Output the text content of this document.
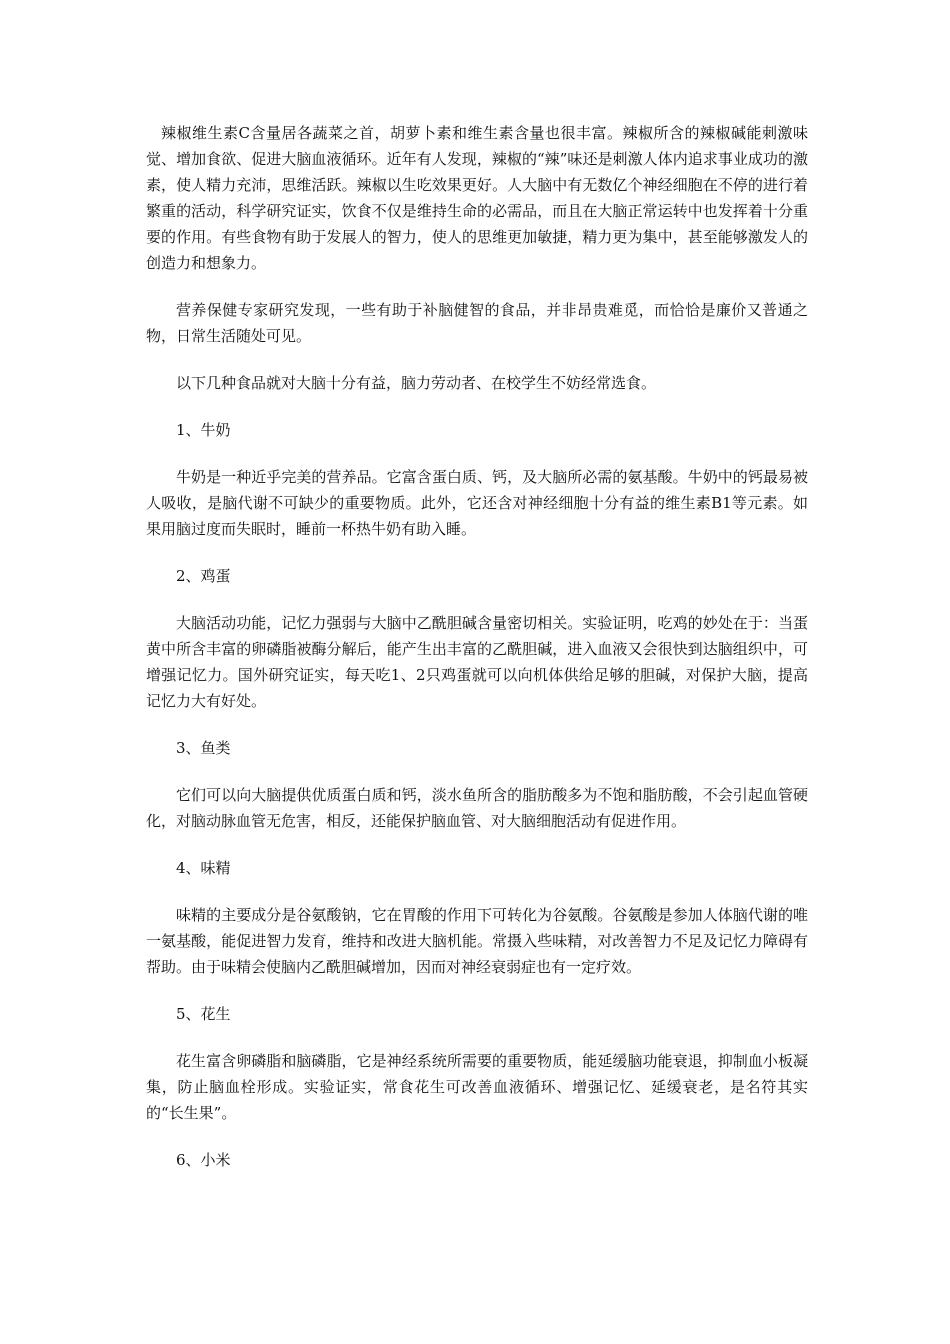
辣椒维生素C含量居各蔬菜之首，胡萝卜素和维生素含量也很丰富。辣椒所含的辣椒碱能刺激味觉、增加食欲、促进大脑血液循环。近年有人发现，辣椒的“辣”味还是刺激人体内追求事业成功的激素，使人精力充沛，思维活跃。辣椒以生吃效果更好。人大脑中有无数亿个神经细胞在不停的进行着繁重的活动，科学研究证实，饮食不仅是维持生命的必需品，而且在大脑正常运转中也发挥着十分重要的作用。有些食物有助于发展人的智力，使人的思维更加敏捷，精力更为集中，甚至能够激发人的创造力和想象力。

营养保健专家研究发现，一些有助于补脑健智的食品，并非昂贵难觅，而恰恰是廉价又普通之物，日常生活随处可见。

以下几种食品就对大脑十分有益，脑力劳动者、在校学生不妨经常选食。

1、牛奶

牛奶是一种近乎完美的营养品。它富含蛋白质、钙，及大脑所必需的氨基酸。牛奶中的钙最易被人吸收，是脑代谢不可缺少的重要物质。此外，它还含对神经细胞十分有益的维生素B1等元素。如果用脑过度而失眠时，睡前一杯热牛奶有助入睡。

2、鸡蛋

大脑活动功能，记忆力强弱与大脑中乙酰胆碱含量密切相关。实验证明，吃鸡的妙处在于：当蛋黄中所含丰富的卵磷脂被酶分解后，能产生出丰富的乙酰胆碱，进入血液又会很快到达脑组织中，可增强记忆力。国外研究证实，每天吃1、2只鸡蛋就可以向机体供给足够的胆碱，对保护大脑，提高记忆力大有好处。

3、鱼类

它们可以向大脑提供优质蛋白质和钙，淡水鱼所含的脂肪酸多为不饱和脂肪酸，不会引起血管硬化，对脑动脉血管无危害，相反，还能保护脑血管、对大脑细胞活动有促进作用。

4、味精

味精的主要成分是谷氨酸钠，它在胃酸的作用下可转化为谷氨酸。谷氨酸是参加人体脑代谢的唯一氨基酸，能促进智力发育，维持和改进大脑机能。常摄入些味精，对改善智力不足及记忆力障碍有帮助。由于味精会使脑内乙酰胆碱增加，因而对神经衰弱症也有一定疗效。

5、花生

花生富含卵磷脂和脑磷脂，它是神经系统所需要的重要物质，能延缓脑功能衰退，抑制血小板凝集，防止脑血栓形成。实验证实，常食花生可改善血液循环、增强记忆、延缓衰老，是名符其实的“长生果”。

6、小米
